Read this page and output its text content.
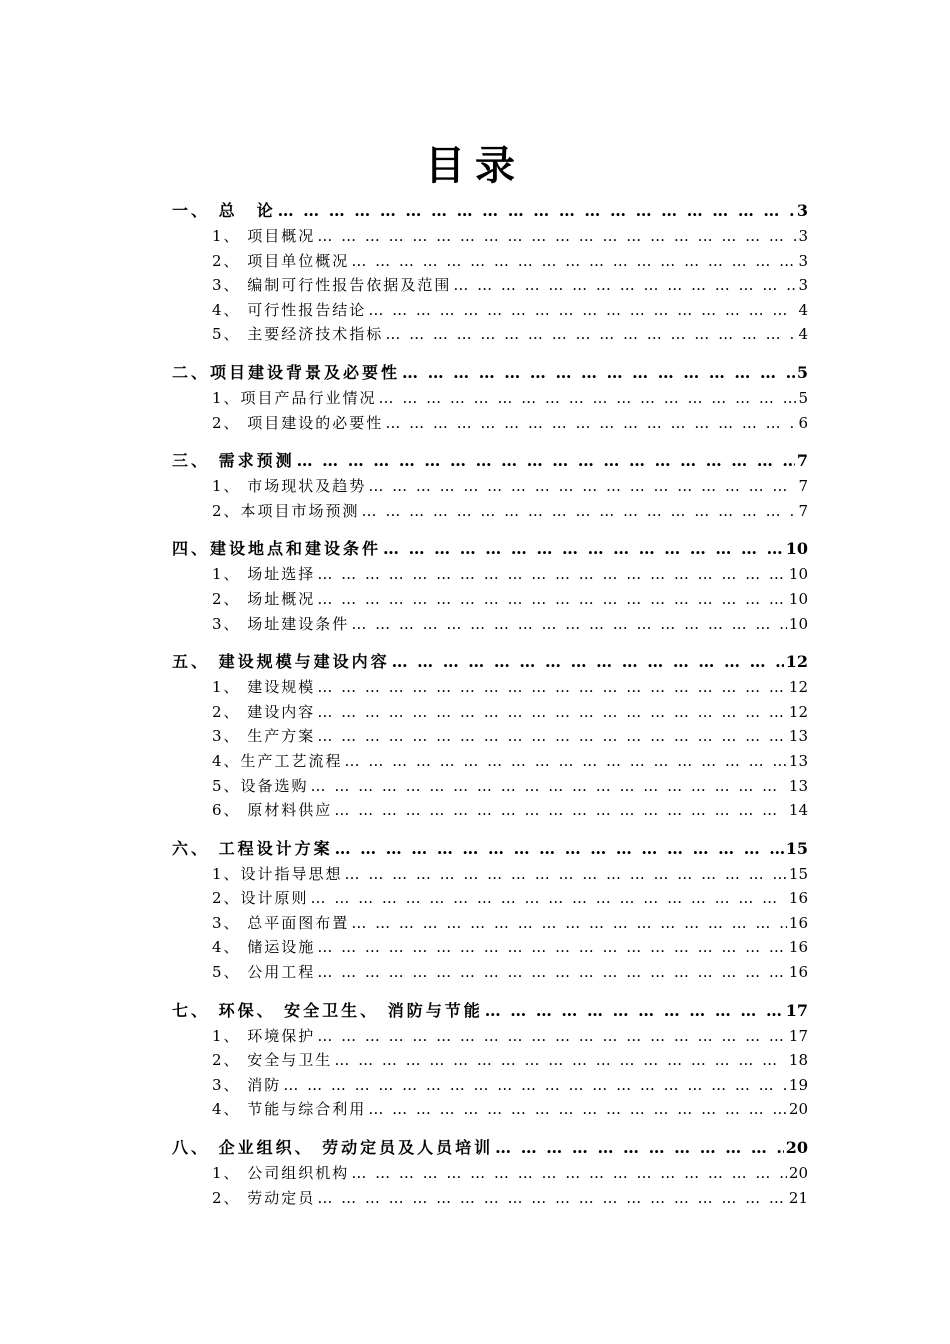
目录
一、 总　论 … … … … … … … … … … … … … … … … … … … … … … … … … … … … … … … … … … … … … … … … … … … … … … … … … … … … … … … … … … … … … … … … … …	3
1、 项目概况 … … … … … … … … … … … … … … … … … … … … … … … … … … … … … … … … … … … … … … … … … … … … … … … … … … … … … … … … … … … … … … … … … …	3
2、 项目单位概况 … … … … … … … … … … … … … … … … … … … … … … … … … … … … … … … … … … … … … … … … … … … … … … … … … … … … … … … … … … … … … … … … … …	3
3、 编制可行性报告依据及范围 … … … … … … … … … … … … … … … … … … … … … … … … … … … … … … … … … … … … … … … … … … … … … … … … … … … … … … … … … … … … … … … … … …	3
4、 可行性报告结论 … … … … … … … … … … … … … … … … … … … … … … … … … … … … … … … … … … … … … … … … … … … … … … … … … … … … … … … … … … … … … … … … … …	4
5、 主要经济技术指标 … … … … … … … … … … … … … … … … … … … … … … … … … … … … … … … … … … … … … … … … … … … … … … … … … … … … … … … … … … … … … … … … … …	4
二、项目建设背景及必要性 … … … … … … … … … … … … … … … … … … … … … … … … … … … … … … … … … … … … … … … … … … … … … … … … … … … … … … … … … … … … … … … … … …	5
1、项目产品行业情况 … … … … … … … … … … … … … … … … … … … … … … … … … … … … … … … … … … … … … … … … … … … … … … … … … … … … … … … … … … … … … … … … … …	5
2、 项目建设的必要性 … … … … … … … … … … … … … … … … … … … … … … … … … … … … … … … … … … … … … … … … … … … … … … … … … … … … … … … … … … … … … … … … … …	6
三、 需求预测 … … … … … … … … … … … … … … … … … … … … … … … … … … … … … … … … … … … … … … … … … … … … … … … … … … … … … … … … … … … … … … … … … …	7
1、 市场现状及趋势 … … … … … … … … … … … … … … … … … … … … … … … … … … … … … … … … … … … … … … … … … … … … … … … … … … … … … … … … … … … … … … … … … …	7
2、本项目市场预测 … … … … … … … … … … … … … … … … … … … … … … … … … … … … … … … … … … … … … … … … … … … … … … … … … … … … … … … … … … … … … … … … … …	7
四、建设地点和建设条件 … … … … … … … … … … … … … … … … … … … … … … … … … … … … … … … … … … … … … … … … … … … … … … … … … … … … … … … … … … … … … … … … … …	10
1、 场址选择 … … … … … … … … … … … … … … … … … … … … … … … … … … … … … … … … … … … … … … … … … … … … … … … … … … … … … … … … … … … … … … … … … …	10
2、 场址概况 … … … … … … … … … … … … … … … … … … … … … … … … … … … … … … … … … … … … … … … … … … … … … … … … … … … … … … … … … … … … … … … … … …	10
3、 场址建设条件 … … … … … … … … … … … … … … … … … … … … … … … … … … … … … … … … … … … … … … … … … … … … … … … … … … … … … … … … … … … … … … … … … …	10
五、 建设规模与建设内容 … … … … … … … … … … … … … … … … … … … … … … … … … … … … … … … … … … … … … … … … … … … … … … … … … … … … … … … … … … … … … … … … … …	12
1、 建设规模 … … … … … … … … … … … … … … … … … … … … … … … … … … … … … … … … … … … … … … … … … … … … … … … … … … … … … … … … … … … … … … … … … …	12
2、 建设内容 … … … … … … … … … … … … … … … … … … … … … … … … … … … … … … … … … … … … … … … … … … … … … … … … … … … … … … … … … … … … … … … … … …	12
3、 生产方案 … … … … … … … … … … … … … … … … … … … … … … … … … … … … … … … … … … … … … … … … … … … … … … … … … … … … … … … … … … … … … … … … … …	13
4、生产工艺流程 … … … … … … … … … … … … … … … … … … … … … … … … … … … … … … … … … … … … … … … … … … … … … … … … … … … … … … … … … … … … … … … … … …	13
5、设备选购 … … … … … … … … … … … … … … … … … … … … … … … … … … … … … … … … … … … … … … … … … … … … … … … … … … … … … … … … … … … … … … … … … …	13
6、 原材料供应 … … … … … … … … … … … … … … … … … … … … … … … … … … … … … … … … … … … … … … … … … … … … … … … … … … … … … … … … … … … … … … … … … …	14
六、 工程设计方案 … … … … … … … … … … … … … … … … … … … … … … … … … … … … … … … … … … … … … … … … … … … … … … … … … … … … … … … … … … … … … … … … … …	15
1、设计指导思想 … … … … … … … … … … … … … … … … … … … … … … … … … … … … … … … … … … … … … … … … … … … … … … … … … … … … … … … … … … … … … … … … … …	15
2、设计原则 … … … … … … … … … … … … … … … … … … … … … … … … … … … … … … … … … … … … … … … … … … … … … … … … … … … … … … … … … … … … … … … … … …	16
3、 总平面图布置 … … … … … … … … … … … … … … … … … … … … … … … … … … … … … … … … … … … … … … … … … … … … … … … … … … … … … … … … … … … … … … … … … …	16
4、 储运设施 … … … … … … … … … … … … … … … … … … … … … … … … … … … … … … … … … … … … … … … … … … … … … … … … … … … … … … … … … … … … … … … … … …	16
5、 公用工程 … … … … … … … … … … … … … … … … … … … … … … … … … … … … … … … … … … … … … … … … … … … … … … … … … … … … … … … … … … … … … … … … … …	16
七、 环保、 安全卫生、 消防与节能 … … … … … … … … … … … … … … … … … … … … … … … … … … … … … … … … … … … … … … … … … … … … … … … … … … … … … … … … … … … … … … … … … …	17
1、 环境保护 … … … … … … … … … … … … … … … … … … … … … … … … … … … … … … … … … … … … … … … … … … … … … … … … … … … … … … … … … … … … … … … … … …	17
2、 安全与卫生 … … … … … … … … … … … … … … … … … … … … … … … … … … … … … … … … … … … … … … … … … … … … … … … … … … … … … … … … … … … … … … … … … …	18
3、 消防 … … … … … … … … … … … … … … … … … … … … … … … … … … … … … … … … … … … … … … … … … … … … … … … … … … … … … … … … … … … … … … … … … …	19
4、 节能与综合利用 … … … … … … … … … … … … … … … … … … … … … … … … … … … … … … … … … … … … … … … … … … … … … … … … … … … … … … … … … … … … … … … … … …	20
八、 企业组织、 劳动定员及人员培训 … … … … … … … … … … … … … … … … … … … … … … … … … … … … … … … … … … … … … … … … … … … … … … … … … … … … … … … … … … … … … … … … … …	20
1、 公司组织机构 … … … … … … … … … … … … … … … … … … … … … … … … … … … … … … … … … … … … … … … … … … … … … … … … … … … … … … … … … … … … … … … … … …	20
2、 劳动定员 … … … … … … … … … … … … … … … … … … … … … … … … … … … … … … … … … … … … … … … … … … … … … … … … … … … … … … … … … … … … … … … … … …	21
